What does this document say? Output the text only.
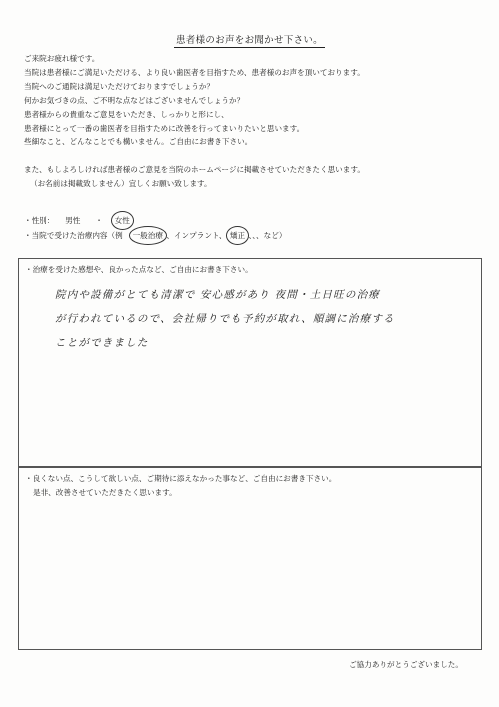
患者様のお声をお聞かせ下さい。
ご来院お疲れ様です。
当院は患者様にご満足いただける、より良い歯医者を目指すため、患者様のお声を頂いております。
当院へのご通院は満足いただけておりますでしょうか？
何かお気づきの点、ご不明な点などはございませんでしょうか？
患者様からの貴重なご意見をいただき、しっかりと形にし、
患者様にとって一番の歯医者を目指すために改善を行ってまいりたいと思います。
些細なこと、どんなことでも構いません。ご自由にお書き下さい。
また、もしよろしければ患者様のご意見を当院のホームページに掲載させていただきたく思います。
（お名前は掲載致しません）宜しくお願い致します。
・性別： 男性 ・ 女性
・当院で受けた治療内容（例 一般治療 、インプラント、 矯正 、、、など）
・治療を受けた感想や、良かった点など、ご自由にお書き下さい。
院内や設備がとても清潔で 安心感があり 夜間・土日旺の治療
が行われているので、会社帰りでも予約が取れ、順調に治療する
ことができました
・良くない点、こうして欲しい点、ご期待に添えなかった事など、ご自由にお書き下さい。
是非、改善させていただきたく思います。
ご協力ありがとうございました。
